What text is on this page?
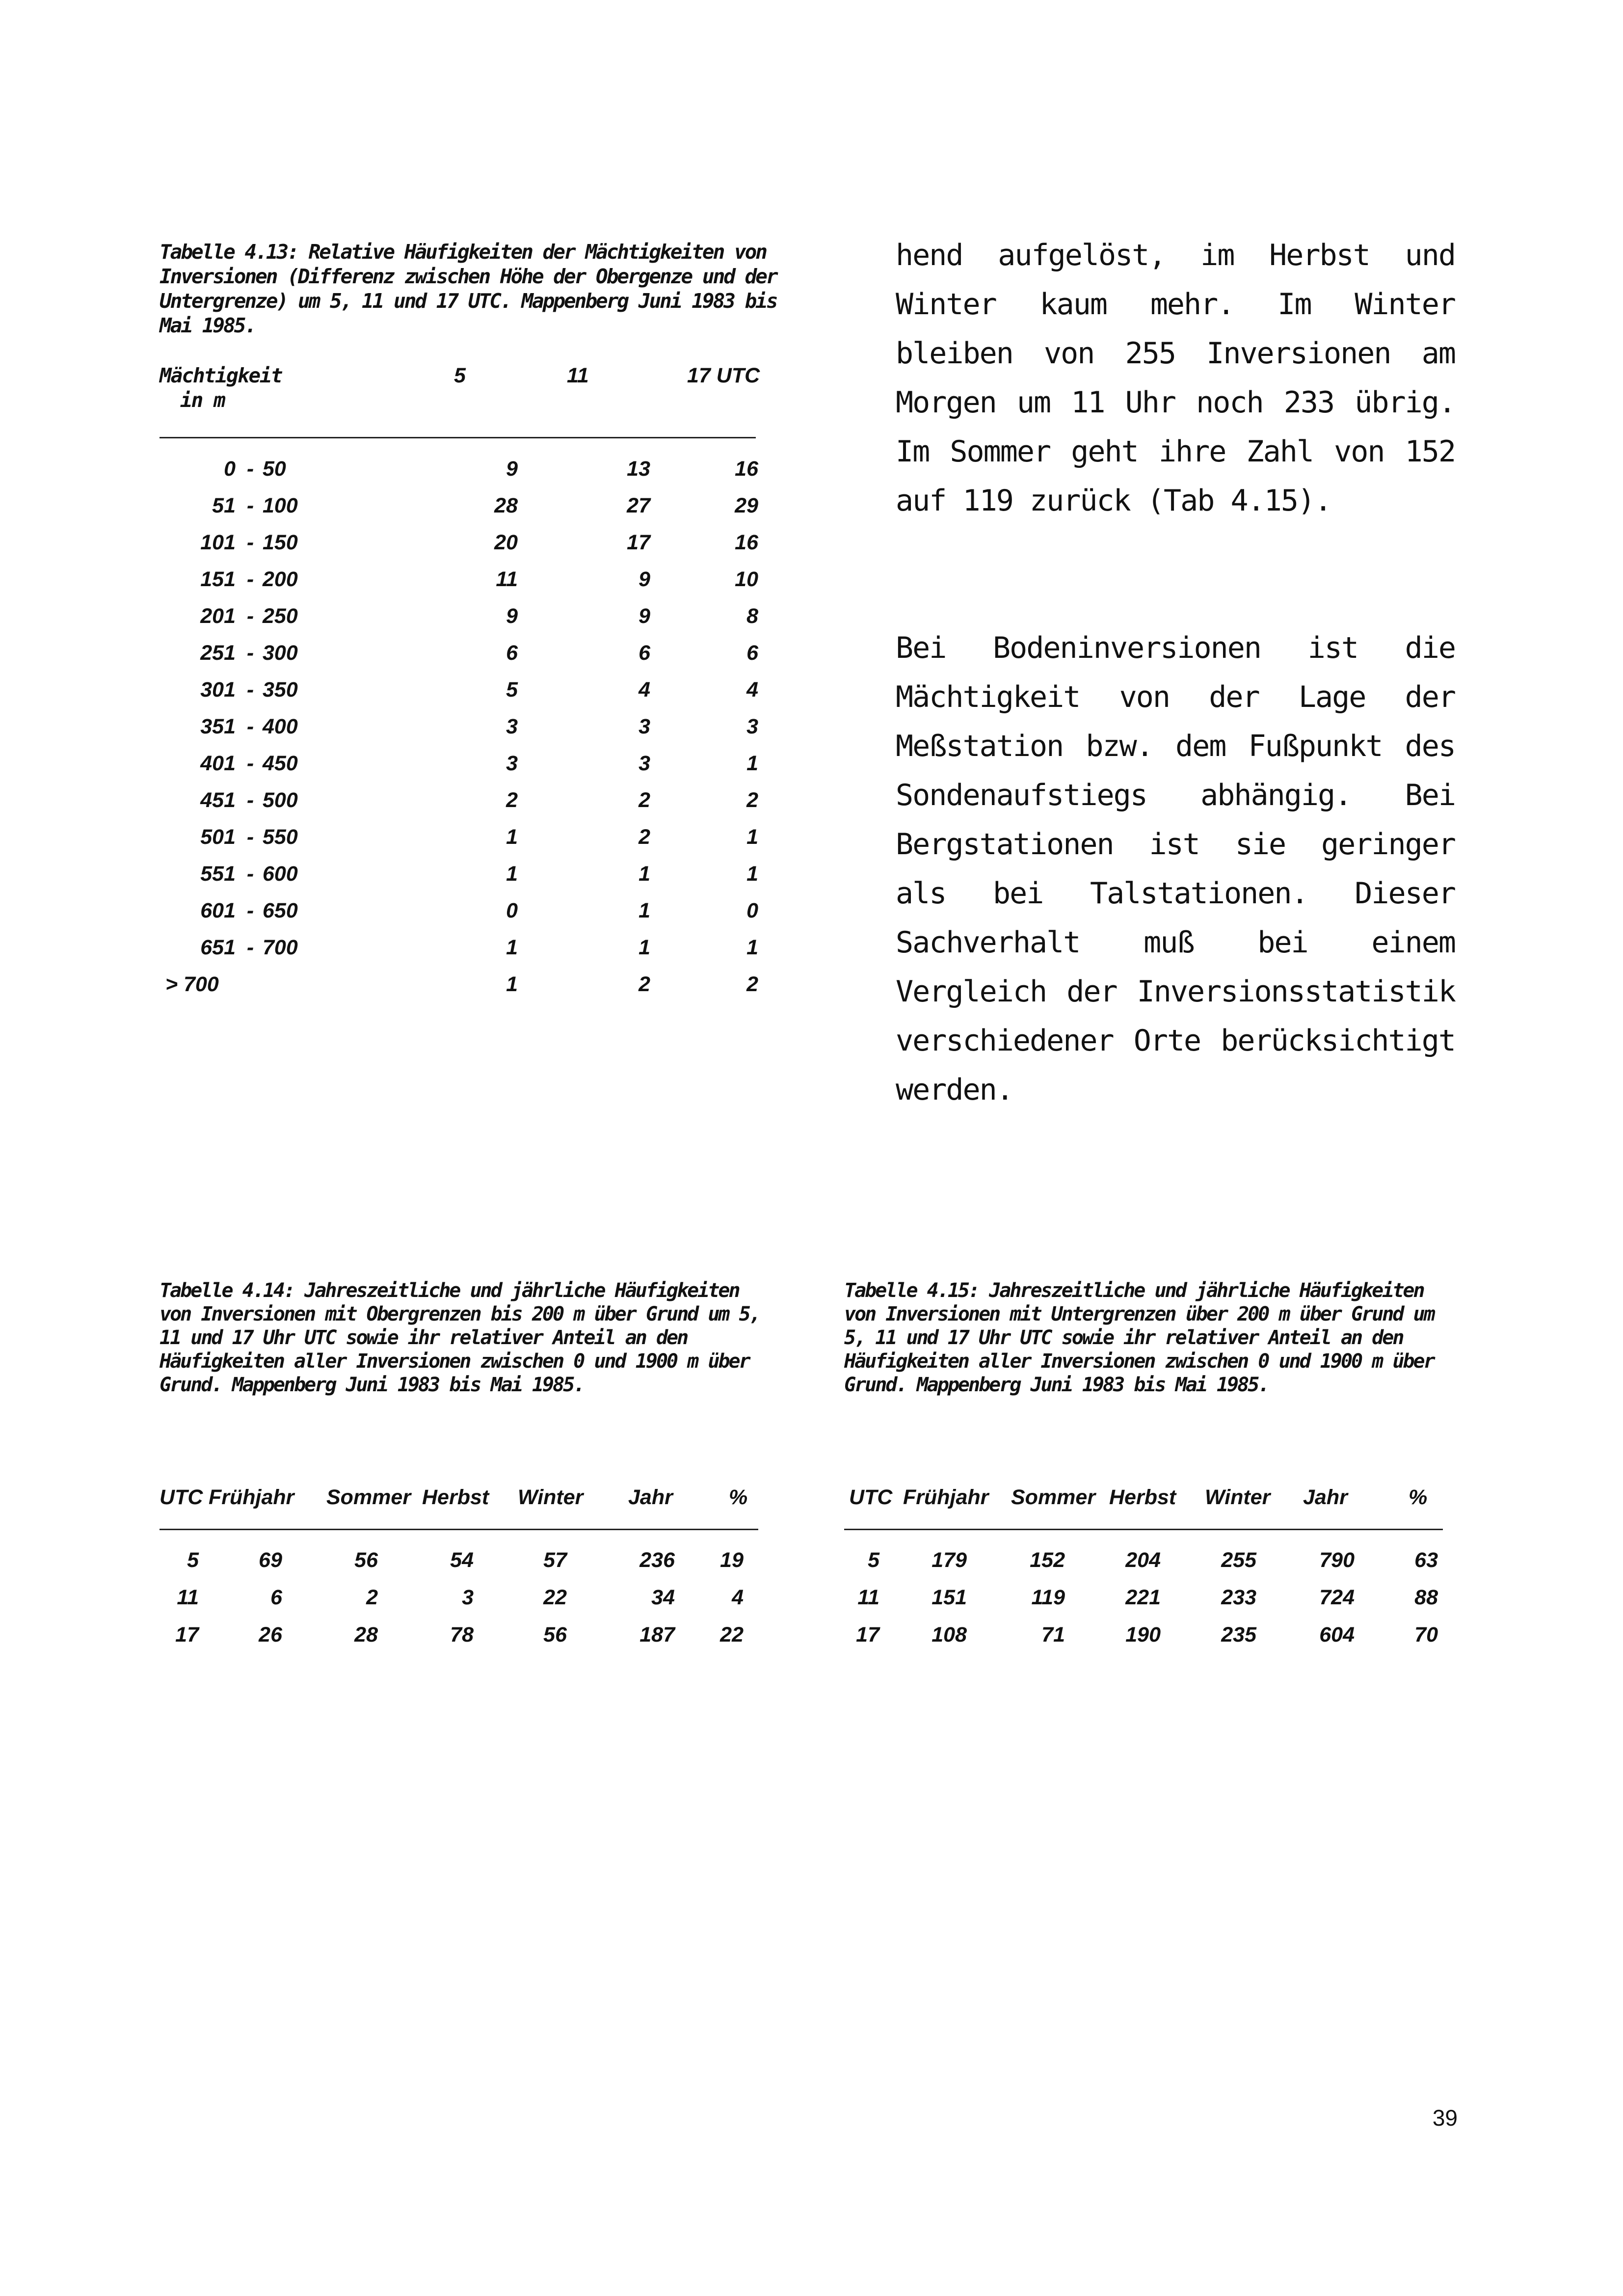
Tabelle 4.13: Relative Häufigkeiten der Mächtigkeiten von Inversionen (Differenz zwischen Höhe der Obergenze und der Untergrenze) um 5, 11 und 17 UTC. Mappenberg Juni 1983 bis Mai 1985.
Mächtigkeit
in m
5	11	17 UTC
0 - 50	9	13	16
51 - 100	28	27	29
101 - 150	20	17	16
151 - 200	11	9	10
201 - 250	9	9	8
251 - 300	6	6	6
301 - 350	5	4	4
351 - 400	3	3	3
401 - 450	3	3	1
451 - 500	2	2	2
501 - 550	1	2	1
551 - 600	1	1	1
601 - 650	0	1	0
651 - 700	1	1	1
> 700	1	2	2

hend aufgelöst, im Herbst und Winter kaum mehr. Im Winter bleiben von 255 Inversionen am Morgen um 11 Uhr noch 233 übrig. Im Sommer geht ihre Zahl von 152 auf 119 zurück (Tab 4.15).

Bei Bodeninversionen ist die Mächtigkeit von der Lage der Meßstation bzw. dem Fußpunkt des Sondenaufstiegs abhängig. Bei Bergstationen ist sie geringer als bei Talstationen. Dieser Sachverhalt muß bei einem Vergleich der Inversionsstatistik verschiedener Orte berücksichtigt werden.

Tabelle 4.14: Jahreszeitliche und jährliche Häufigkeiten von Inversionen mit Obergrenzen bis 200 m über Grund um 5, 11 und 17 Uhr UTC sowie ihr relativer Anteil an den Häufigkeiten aller Inversionen zwischen 0 und 1900 m über Grund. Mappenberg Juni 1983 bis Mai 1985.
Tabelle 4.15: Jahreszeitliche und jährliche Häufigkeiten von Inversionen mit Untergrenzen über 200 m über Grund um 5, 11 und 17 Uhr UTC sowie ihr relativer Anteil an den Häufigkeiten aller Inversionen zwischen 0 und 1900 m über Grund. Mappenberg Juni 1983 bis Mai 1985.
UTC Frühjahr Sommer Herbst Winter Jahr	%
5	69	56	54	57	236	19
11	6	2	3	22	34	4
17	26	28	78	56	187	22
UTC Frühjahr Sommer Herbst Winter Jahr	%
5	179	152	204	255	790	63
11	151	119	221	233	724	88
17	108	71	190	235	604	70
39
